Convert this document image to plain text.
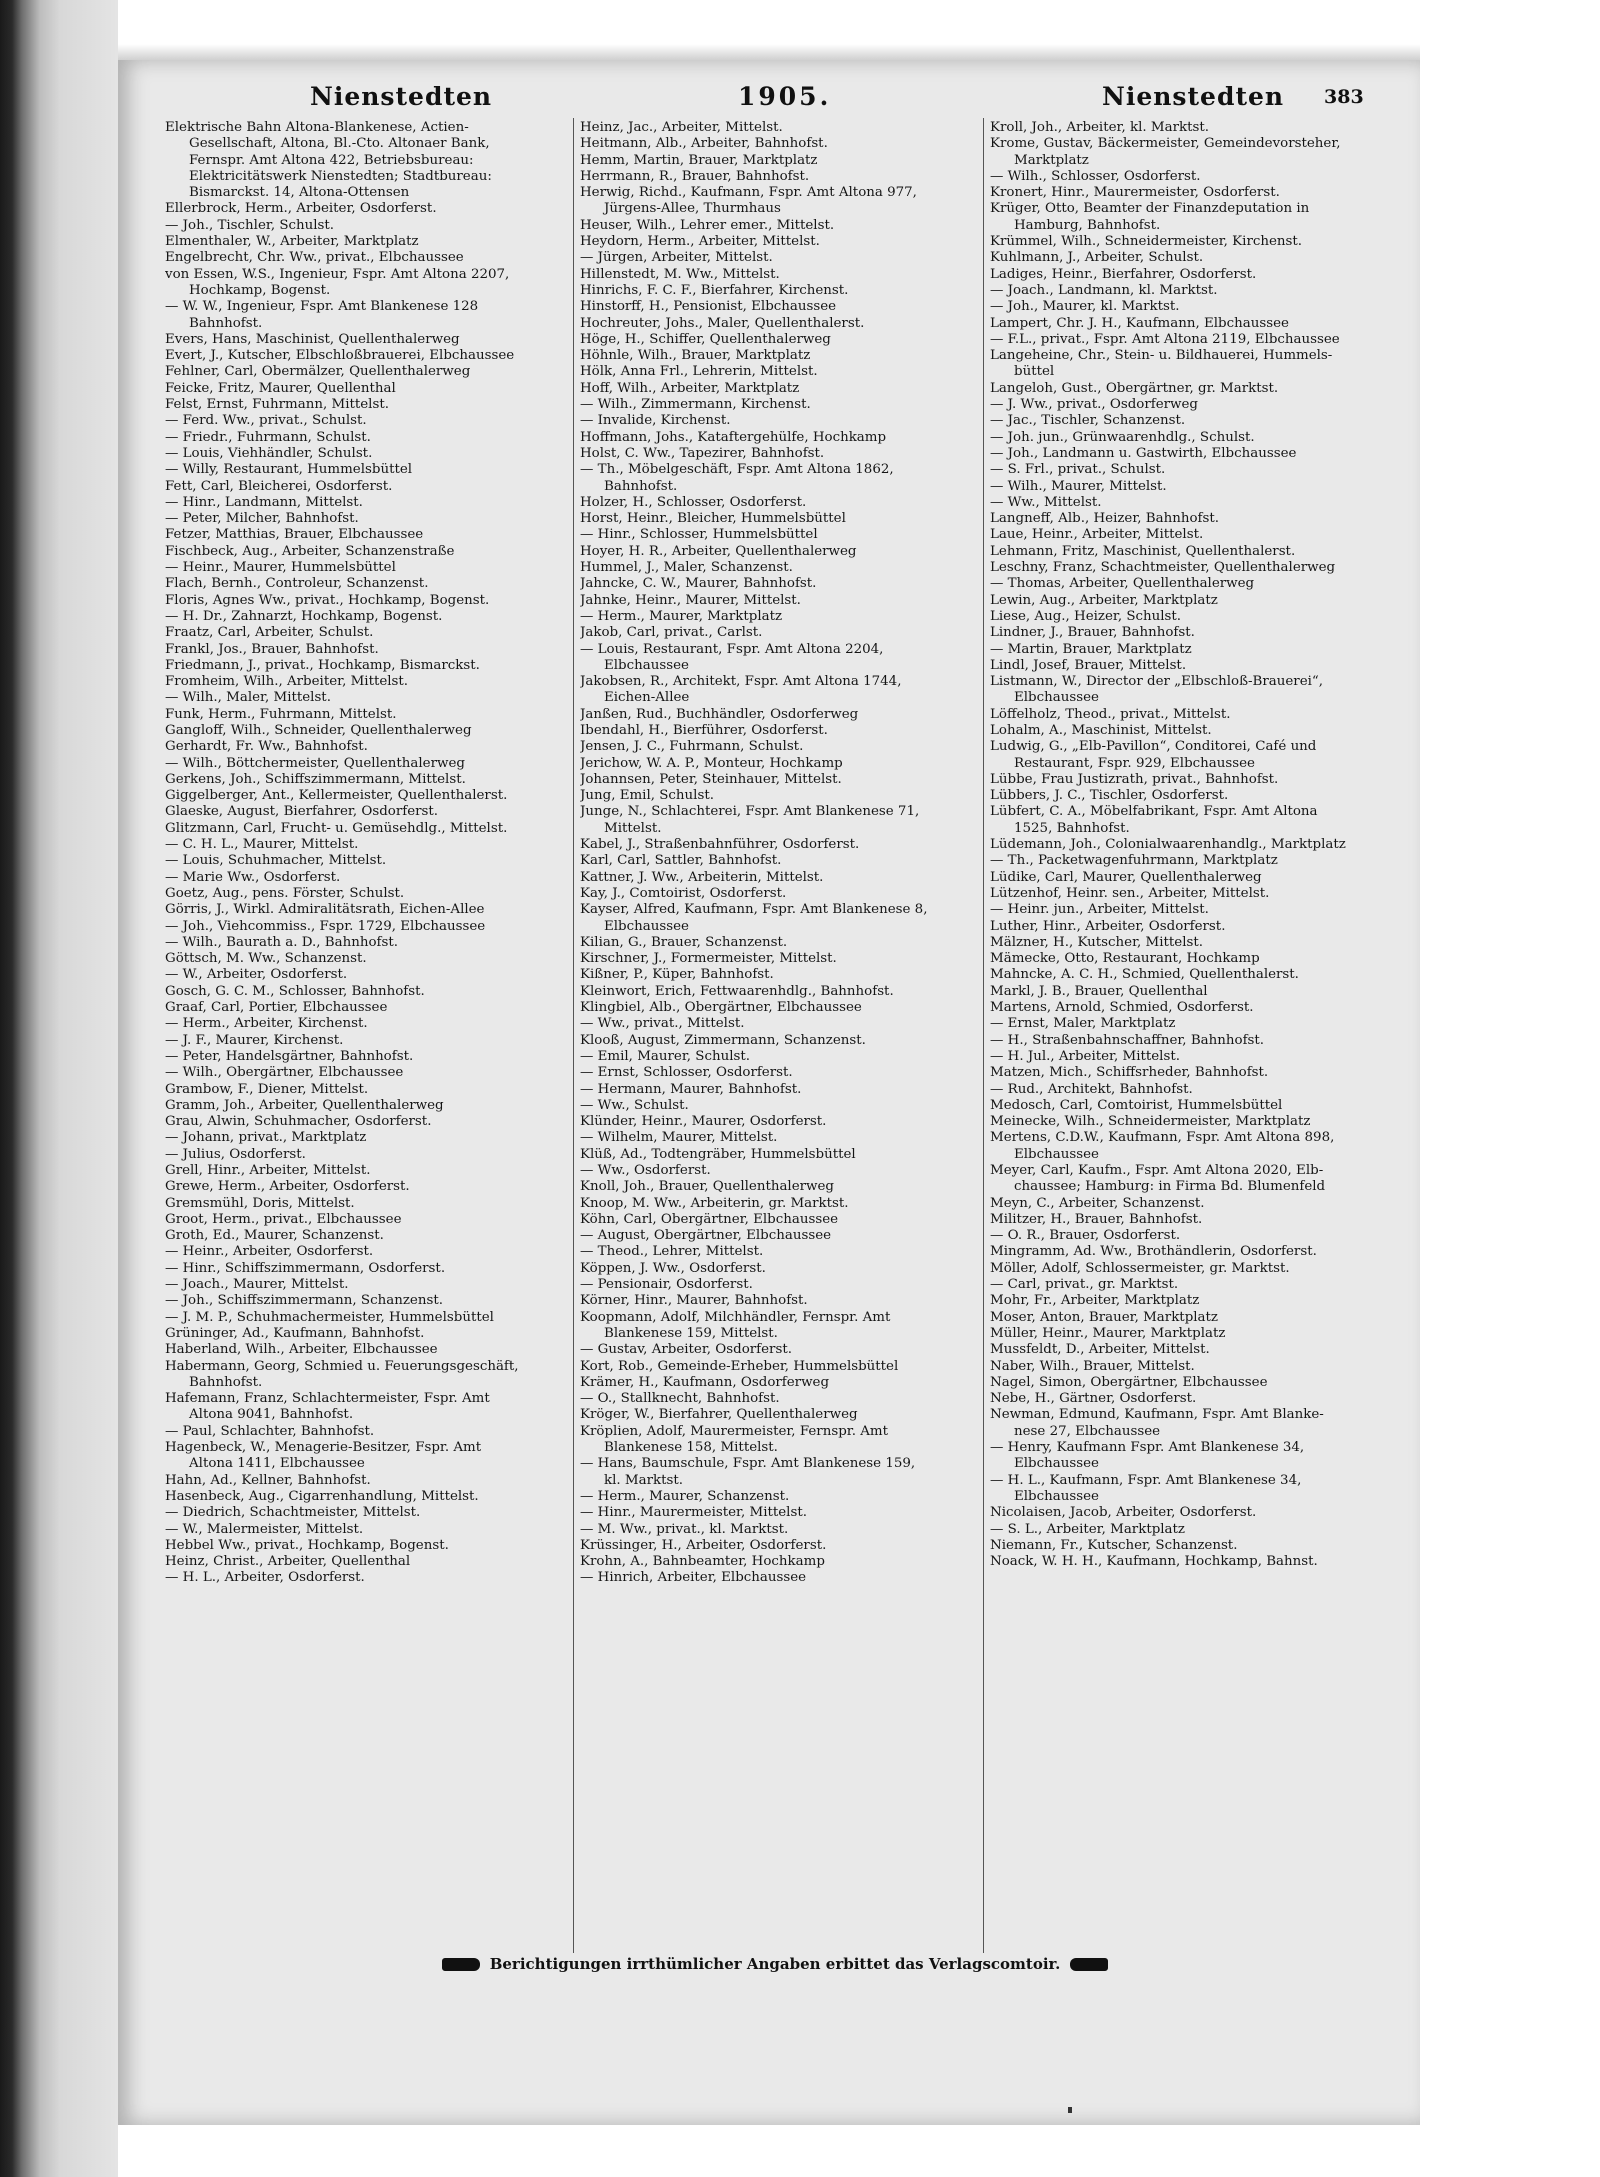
Nienstedten	1905.	Nienstedten 383
Elektrische Bahn Altona-Blankenese, Actien-
Gesellschaft, Altona, Bl.-Cto. Altonaer Bank,
Fernspr. Amt Altona 422, Betriebsbureau:
Elektricitätswerk Nienstedten; Stadtbureau:
Bismarckst. 14, Altona-Ottensen
Ellerbrock, Herm., Arbeiter, Osdorferst.
— Joh., Tischler, Schulst.
Elmenthaler, W., Arbeiter, Marktplatz
Engelbrecht, Chr. Ww., privat., Elbchaussee
von Essen, W.S., Ingenieur, Fspr. Amt Altona 2207,
Hochkamp, Bogenst.
— W. W., Ingenieur, Fspr. Amt Blankenese 128
Bahnhofst.
Evers, Hans, Maschinist, Quellenthalerweg
Evert, J., Kutscher, Elbschloßbrauerei, Elbchaussee
Fehlner, Carl, Obermälzer, Quellenthalerweg
Feicke, Fritz, Maurer, Quellenthal
Felst, Ernst, Fuhrmann, Mittelst.
— Ferd. Ww., privat., Schulst.
— Friedr., Fuhrmann, Schulst.
— Louis, Viehhändler, Schulst.
— Willy, Restaurant, Hummelsbüttel
Fett, Carl, Bleicherei, Osdorferst.
— Hinr., Landmann, Mittelst.
— Peter, Milcher, Bahnhofst.
Fetzer, Matthias, Brauer, Elbchaussee
Fischbeck, Aug., Arbeiter, Schanzenstraße
— Heinr., Maurer, Hummelsbüttel
Flach, Bernh., Controleur, Schanzenst.
Floris, Agnes Ww., privat., Hochkamp, Bogenst.
— H. Dr., Zahnarzt, Hochkamp, Bogenst.
Fraatz, Carl, Arbeiter, Schulst.
Frankl, Jos., Brauer, Bahnhofst.
Friedmann, J., privat., Hochkamp, Bismarckst.
Fromheim, Wilh., Arbeiter, Mittelst.
— Wilh., Maler, Mittelst.
Funk, Herm., Fuhrmann, Mittelst.
Gangloff, Wilh., Schneider, Quellenthalerweg
Gerhardt, Fr. Ww., Bahnhofst.
— Wilh., Böttchermeister, Quellenthalerweg
Gerkens, Joh., Schiffszimmermann, Mittelst.
Giggelberger, Ant., Kellermeister, Quellenthalerst.
Glaeske, August, Bierfahrer, Osdorferst.
Glitzmann, Carl, Frucht- u. Gemüsehdlg., Mittelst.
— C. H. L., Maurer, Mittelst.
— Louis, Schuhmacher, Mittelst.
— Marie Ww., Osdorferst.
Goetz, Aug., pens. Förster, Schulst.
Görris, J., Wirkl. Admiralitätsrath, Eichen-Allee
— Joh., Viehcommiss., Fspr. 1729, Elbchaussee
— Wilh., Baurath a. D., Bahnhofst.
Göttsch, M. Ww., Schanzenst.
— W., Arbeiter, Osdorferst.
Gosch, G. C. M., Schlosser, Bahnhofst.
Graaf, Carl, Portier, Elbchaussee
— Herm., Arbeiter, Kirchenst.
— J. F., Maurer, Kirchenst.
— Peter, Handelsgärtner, Bahnhofst.
— Wilh., Obergärtner, Elbchaussee
Grambow, F., Diener, Mittelst.
Gramm, Joh., Arbeiter, Quellenthalerweg
Grau, Alwin, Schuhmacher, Osdorferst.
— Johann, privat., Marktplatz
— Julius, Osdorferst.
Grell, Hinr., Arbeiter, Mittelst.
Grewe, Herm., Arbeiter, Osdorferst.
Gremsmühl, Doris, Mittelst.
Groot, Herm., privat., Elbchaussee
Groth, Ed., Maurer, Schanzenst.
— Heinr., Arbeiter, Osdorferst.
— Hinr., Schiffszimmermann, Osdorferst.
— Joach., Maurer, Mittelst.
— Joh., Schiffszimmermann, Schanzenst.
— J. M. P., Schuhmachermeister, Hummelsbüttel
Grüninger, Ad., Kaufmann, Bahnhofst.
Haberland, Wilh., Arbeiter, Elbchaussee
Habermann, Georg, Schmied u. Feuerungsgeschäft,
Bahnhofst.
Hafemann, Franz, Schlachtermeister, Fspr. Amt
Altona 9041, Bahnhofst.
— Paul, Schlachter, Bahnhofst.
Hagenbeck, W., Menagerie-Besitzer, Fspr. Amt
Altona 1411, Elbchaussee
Hahn, Ad., Kellner, Bahnhofst.
Hasenbeck, Aug., Cigarrenhandlung, Mittelst.
— Diedrich, Schachtmeister, Mittelst.
— W., Malermeister, Mittelst.
Hebbel Ww., privat., Hochkamp, Bogenst.
Heinz, Christ., Arbeiter, Quellenthal
— H. L., Arbeiter, Osdorferst.
Heinz, Jac., Arbeiter, Mittelst.
Heitmann, Alb., Arbeiter, Bahnhofst.
Hemm, Martin, Brauer, Marktplatz
Herrmann, R., Brauer, Bahnhofst.
Herwig, Richd., Kaufmann, Fspr. Amt Altona 977,
Jürgens-Allee, Thurmhaus
Heuser, Wilh., Lehrer emer., Mittelst.
Heydorn, Herm., Arbeiter, Mittelst.
— Jürgen, Arbeiter, Mittelst.
Hillenstedt, M. Ww., Mittelst.
Hinrichs, F. C. F., Bierfahrer, Kirchenst.
Hinstorff, H., Pensionist, Elbchaussee
Hochreuter, Johs., Maler, Quellenthalerst.
Höge, H., Schiffer, Quellenthalerweg
Höhnle, Wilh., Brauer, Marktplatz
Hölk, Anna Frl., Lehrerin, Mittelst.
Hoff, Wilh., Arbeiter, Marktplatz
— Wilh., Zimmermann, Kirchenst.
— Invalide, Kirchenst.
Hoffmann, Johs., Kataftergehülfe, Hochkamp
Holst, C. Ww., Tapezirer, Bahnhofst.
— Th., Möbelgeschäft, Fspr. Amt Altona 1862,
Bahnhofst.
Holzer, H., Schlosser, Osdorferst.
Horst, Heinr., Bleicher, Hummelsbüttel
— Hinr., Schlosser, Hummelsbüttel
Hoyer, H. R., Arbeiter, Quellenthalerweg
Hummel, J., Maler, Schanzenst.
Jahncke, C. W., Maurer, Bahnhofst.
Jahnke, Heinr., Maurer, Mittelst.
— Herm., Maurer, Marktplatz
Jakob, Carl, privat., Carlst.
— Louis, Restaurant, Fspr. Amt Altona 2204,
Elbchaussee
Jakobsen, R., Architekt, Fspr. Amt Altona 1744,
Eichen-Allee
Janßen, Rud., Buchhändler, Osdorferweg
Ibendahl, H., Bierführer, Osdorferst.
Jensen, J. C., Fuhrmann, Schulst.
Jerichow, W. A. P., Monteur, Hochkamp
Johannsen, Peter, Steinhauer, Mittelst.
Jung, Emil, Schulst.
Junge, N., Schlachterei, Fspr. Amt Blankenese 71,
Mittelst.
Kabel, J., Straßenbahnführer, Osdorferst.
Karl, Carl, Sattler, Bahnhofst.
Kattner, J. Ww., Arbeiterin, Mittelst.
Kay, J., Comtoirist, Osdorferst.
Kayser, Alfred, Kaufmann, Fspr. Amt Blankenese 8,
Elbchaussee
Kilian, G., Brauer, Schanzenst.
Kirschner, J., Formermeister, Mittelst.
Kißner, P., Küper, Bahnhofst.
Kleinwort, Erich, Fettwaarenhdlg., Bahnhofst.
Klingbiel, Alb., Obergärtner, Elbchaussee
— Ww., privat., Mittelst.
Klooß, August, Zimmermann, Schanzenst.
— Emil, Maurer, Schulst.
— Ernst, Schlosser, Osdorferst.
— Hermann, Maurer, Bahnhofst.
— Ww., Schulst.
Klünder, Heinr., Maurer, Osdorferst.
— Wilhelm, Maurer, Mittelst.
Klüß, Ad., Todtengräber, Hummelsbüttel
— Ww., Osdorferst.
Knoll, Joh., Brauer, Quellenthalerweg
Knoop, M. Ww., Arbeiterin, gr. Marktst.
Köhn, Carl, Obergärtner, Elbchaussee
— August, Obergärtner, Elbchaussee
— Theod., Lehrer, Mittelst.
Köppen, J. Ww., Osdorferst.
— Pensionair, Osdorferst.
Körner, Hinr., Maurer, Bahnhofst.
Koopmann, Adolf, Milchhändler, Fernspr. Amt
Blankenese 159, Mittelst.
— Gustav, Arbeiter, Osdorferst.
Kort, Rob., Gemeinde-Erheber, Hummelsbüttel
Krämer, H., Kaufmann, Osdorferweg
— O., Stallknecht, Bahnhofst.
Kröger, W., Bierfahrer, Quellenthalerweg
Kröplien, Adolf, Maurermeister, Fernspr. Amt
Blankenese 158, Mittelst.
— Hans, Baumschule, Fspr. Amt Blankenese 159,
kl. Marktst.
— Herm., Maurer, Schanzenst.
— Hinr., Maurermeister, Mittelst.
— M. Ww., privat., kl. Marktst.
Krüssinger, H., Arbeiter, Osdorferst.
Krohn, A., Bahnbeamter, Hochkamp
— Hinrich, Arbeiter, Elbchaussee
Kroll, Joh., Arbeiter, kl. Marktst.
Krome, Gustav, Bäckermeister, Gemeindevorsteher,
Marktplatz
— Wilh., Schlosser, Osdorferst.
Kronert, Hinr., Maurermeister, Osdorferst.
Krüger, Otto, Beamter der Finanzdeputation in
Hamburg, Bahnhofst.
Krümmel, Wilh., Schneidermeister, Kirchenst.
Kuhlmann, J., Arbeiter, Schulst.
Ladiges, Heinr., Bierfahrer, Osdorferst.
— Joach., Landmann, kl. Marktst.
— Joh., Maurer, kl. Marktst.
Lampert, Chr. J. H., Kaufmann, Elbchaussee
— F.L., privat., Fspr. Amt Altona 2119, Elbchaussee
Langeheine, Chr., Stein- u. Bildhauerei, Hummels-
büttel
Langeloh, Gust., Obergärtner, gr. Marktst.
— J. Ww., privat., Osdorferweg
— Jac., Tischler, Schanzenst.
— Joh. jun., Grünwaarenhdlg., Schulst.
— Joh., Landmann u. Gastwirth, Elbchaussee
— S. Frl., privat., Schulst.
— Wilh., Maurer, Mittelst.
— Ww., Mittelst.
Langneff, Alb., Heizer, Bahnhofst.
Laue, Heinr., Arbeiter, Mittelst.
Lehmann, Fritz, Maschinist, Quellenthalerst.
Leschny, Franz, Schachtmeister, Quellenthalerweg
— Thomas, Arbeiter, Quellenthalerweg
Lewin, Aug., Arbeiter, Marktplatz
Liese, Aug., Heizer, Schulst.
Lindner, J., Brauer, Bahnhofst.
— Martin, Brauer, Marktplatz
Lindl, Josef, Brauer, Mittelst.
Listmann, W., Director der „Elbschloß-Brauerei“,
Elbchaussee
Löffelholz, Theod., privat., Mittelst.
Lohalm, A., Maschinist, Mittelst.
Ludwig, G., „Elb-Pavillon“, Conditorei, Café und
Restaurant, Fspr. 929, Elbchaussee
Lübbe, Frau Justizrath, privat., Bahnhofst.
Lübbers, J. C., Tischler, Osdorferst.
Lübfert, C. A., Möbelfabrikant, Fspr. Amt Altona
1525, Bahnhofst.
Lüdemann, Joh., Colonialwaarenhandlg., Marktplatz
— Th., Packetwagenfuhrmann, Marktplatz
Lüdike, Carl, Maurer, Quellenthalerweg
Lützenhof, Heinr. sen., Arbeiter, Mittelst.
— Heinr. jun., Arbeiter, Mittelst.
Luther, Hinr., Arbeiter, Osdorferst.
Mälzner, H., Kutscher, Mittelst.
Mämecke, Otto, Restaurant, Hochkamp
Mahncke, A. C. H., Schmied, Quellenthalerst.
Markl, J. B., Brauer, Quellenthal
Martens, Arnold, Schmied, Osdorferst.
— Ernst, Maler, Marktplatz
— H., Straßenbahnschaffner, Bahnhofst.
— H. Jul., Arbeiter, Mittelst.
Matzen, Mich., Schiffsrheder, Bahnhofst.
— Rud., Architekt, Bahnhofst.
Medosch, Carl, Comtoirist, Hummelsbüttel
Meinecke, Wilh., Schneidermeister, Marktplatz
Mertens, C.D.W., Kaufmann, Fspr. Amt Altona 898,
Elbchaussee
Meyer, Carl, Kaufm., Fspr. Amt Altona 2020, Elb-
chaussee; Hamburg: in Firma Bd. Blumenfeld
Meyn, C., Arbeiter, Schanzenst.
Militzer, H., Brauer, Bahnhofst.
— O. R., Brauer, Osdorferst.
Mingramm, Ad. Ww., Brothändlerin, Osdorferst.
Möller, Adolf, Schlossermeister, gr. Marktst.
— Carl, privat., gr. Marktst.
Mohr, Fr., Arbeiter, Marktplatz
Moser, Anton, Brauer, Marktplatz
Müller, Heinr., Maurer, Marktplatz
Mussfeldt, D., Arbeiter, Mittelst.
Naber, Wilh., Brauer, Mittelst.
Nagel, Simon, Obergärtner, Elbchaussee
Nebe, H., Gärtner, Osdorferst.
Newman, Edmund, Kaufmann, Fspr. Amt Blanke-
nese 27, Elbchaussee
— Henry, Kaufmann Fspr. Amt Blankenese 34,
Elbchaussee
— H. L., Kaufmann, Fspr. Amt Blankenese 34,
Elbchaussee
Nicolaisen, Jacob, Arbeiter, Osdorferst.
— S. L., Arbeiter, Marktplatz
Niemann, Fr., Kutscher, Schanzenst.
Noack, W. H. H., Kaufmann, Hochkamp, Bahnst.
Berichtigungen irrthümlicher Angaben erbittet das Verlagscomtoir.
